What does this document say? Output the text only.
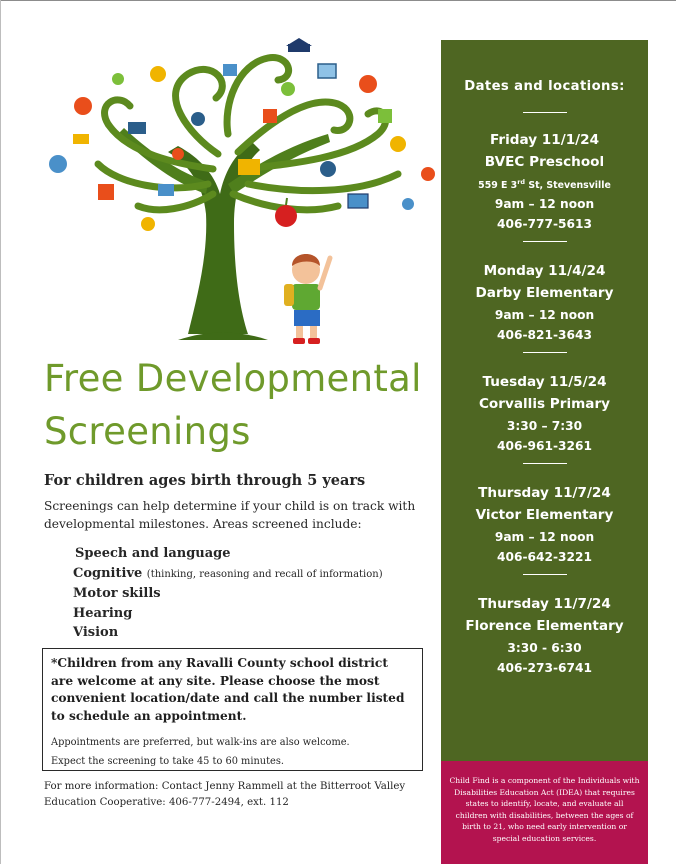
Free Developmental
Screenings
For children ages birth through 5 years
Screenings can help determine if your child is on track with developmental milestones. Areas screened include:
Speech and language
Cognitive (thinking, reasoning and recall of information)
Motor skills
Hearing
Vision
*Children from any Ravalli County school district are welcome at any site. Please choose the most convenient location/date and call the number listed to schedule an appointment.
Appointments are preferred, but walk-ins are also welcome.
Expect the screening to take 45 to 60 minutes.
For more information: Contact Jenny Rammell at the Bitterroot Valley Education Cooperative: 406-777-2494, ext. 112
Dates and locations:
Friday 11/1/24
BVEC Preschool
559 E 3rd St, Stevensville
9am – 12 noon
406-777-5613
Monday 11/4/24
Darby Elementary
9am – 12 noon
406-821-3643
Tuesday 11/5/24
Corvallis Primary
3:30 – 7:30
406-961-3261
Thursday 11/7/24
Victor Elementary
9am – 12 noon
406-642-3221
Thursday 11/7/24
Florence Elementary
3:30 - 6:30
406-273-6741
Child Find is a component of the Individuals with Disabilities Education Act (IDEA) that requires states to identify, locate, and evaluate all children with disabilities, between the ages of birth to 21, who need early intervention or special education services.
